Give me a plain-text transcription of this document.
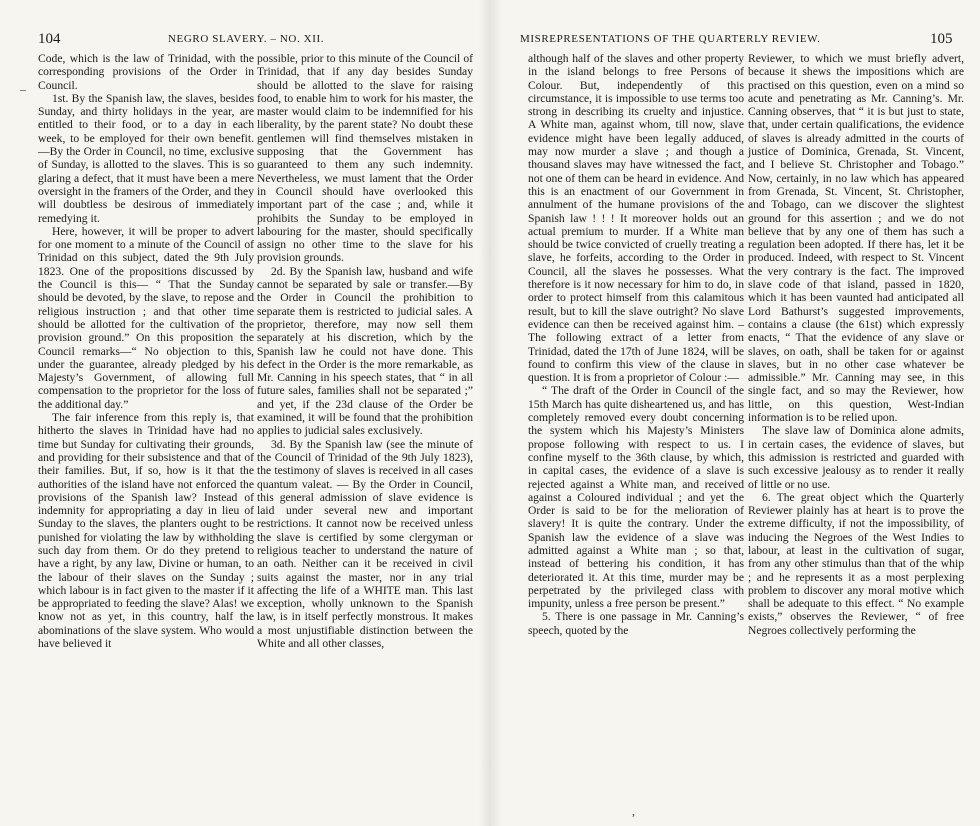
104	NEGRO SLAVERY. – NO. XII.
–

Code, which is the law of Trinidad, with the corresponding provisions of the Order in Council.

1st. By the Spanish law, the slaves, besides Sunday, and thirty holidays in the year, are entitled to their food, or to a day in each week, to be employed for their own benefit. —By the Order in Council, no time, exclusive of Sunday, is allotted to the slaves. This is so glaring a defect, that it must have been a mere oversight in the framers of the Order, and they will doubtless be desirous of immediately remedying it.

Here, however, it will be proper to advert for one moment to a minute of the Council of Trinidad on this subject, dated the 9th July 1823. One of the propositions discussed by the Council is this— “ That the Sunday should be devoted, by the slave, to repose and religious instruction ; and that other time should be allotted for the cultivation of the provision ground.” On this proposition the Council remarks—“ No objection to this, under the guarantee, already pledged by his Majesty’s Government, of allowing full compensation to the proprietor for the loss of the additional day.”

The fair inference from this reply is, that hitherto the slaves in Trinidad have had no time but Sunday for cultivating their grounds, and providing for their subsistence and that of their families. But, if so, how is it that the authorities of the island have not enforced the provisions of the Spanish law? Instead of indemnity for appropriating a day in lieu of Sunday to the slaves, the planters ought to be punished for violating the law by withholding such day from them. Or do they pretend to have a right, by any law, Divine or human, to the labour of their slaves on the Sunday ; which labour is in fact given to the master if it be appropriated to feeding the slave? Alas! we know not as yet, in this country, half the abominations of the slave system. Who would have believed it

possible, prior to this minute of the Council of Trinidad, that if any day besides Sunday should be allotted to the slave for raising food, to enable him to work for his master, the master would claim to be indemnified for his liberality, by the parent state? No doubt these gentlemen will find themselves mistaken in supposing that the Government has guaranteed to them any such indemnity. Nevertheless, we must lament that the Order in Council should have overlooked this important part of the case ; and, while it prohibits the Sunday to be employed in labouring for the master, should specifically assign no other time to the slave for his provision grounds.

2d. By the Spanish law, husband and wife cannot be separated by sale or transfer.—By the Order in Council the prohibition to separate them is restricted to judicial sales. A proprietor, therefore, may now sell them separately at his discretion, which by the Spanish law he could not have done. This defect in the Order is the more remarkable, as Mr. Canning in his speech states, that “ in all future sales, families shall not be separated ;” and yet, if the 23d clause of the Order be examined, it will be found that the prohibition applies to judicial sales exclusively.

3d. By the Spanish law (see the minute of the Council of Trinidad of the 9th July 1823), the testimony of slaves is received in all cases quantum valeat. — By the Order in Council, this general admission of slave evidence is laid under several new and important restrictions. It cannot now be received unless the slave is certified by some clergyman or religious teacher to understand the nature of an oath. Neither can it be received in civil suits against the master, nor in any trial affecting the life of a WHITE man. This last exception, wholly unknown to the Spanish law, is in itself perfectly monstrous. It makes a most unjustifiable distinction between the White and all other classes,

MISREPRESENTATIONS OF THE QUARTERLY REVIEW.	105

although half of the slaves and other property in the island belongs to free Persons of Colour. But, independently of this circumstance, it is impossible to use terms too strong in describing its cruelty and injustice. A White man, against whom, till now, slave evidence might have been legally adduced, may now murder a slave ; and though a thousand slaves may have witnessed the fact, not one of them can be heard in evidence. And this is an enactment of our Government in annulment of the humane provisions of the Spanish law ! ! ! It moreover holds out an actual premium to murder. If a White man should be twice convicted of cruelly treating a slave, he forfeits, according to the Order in Council, all the slaves he possesses. What therefore is it now necessary for him to do, in order to protect himself from this calamitous result, but to kill the slave outright? No slave evidence can then be received against him. – The following extract of a letter from Trinidad, dated the 17th of June 1824, will be found to confirm this view of the clause in question. It is from a proprietor of Colour :—

“ The draft of the Order in Council of the 15th March has quite disheartened us, and has completely removed every doubt concerning the system which his Majesty’s Ministers propose following with respect to us. I confine myself to the 36th clause, by which, in capital cases, the evidence of a slave is rejected against a White man, and received against a Coloured individual ; and yet the Order is said to be for the melioration of slavery! It is quite the contrary. Under the Spanish law the evidence of a slave was admitted against a White man ; so that, instead of bettering his condition, it has deteriorated it. At this time, murder may be perpetrated by the privileged class with impunity, unless a free person be present.”

5. There is one passage in Mr. Canning’s speech, quoted by the

Reviewer, to which we must briefly advert, because it shews the impositions which are practised on this question, even on a mind so acute and penetrating as Mr. Canning’s. Mr. Canning observes, that “ it is but just to state, that, under certain qualifications, the evidence of slaves is already admitted in the courts of justice of Dominica, Grenada, St. Vincent, and I believe St. Christopher and Tobago.” Now, certainly, in no law which has appeared from Grenada, St. Vincent, St. Christopher, and Tobago, can we discover the slightest ground for this assertion ; and we do not believe that by any one of them has such a regulation been adopted. If there has, let it be produced. Indeed, with respect to St. Vincent the very contrary is the fact. The improved slave code of that island, passed in 1820, which it has been vaunted had anticipated all Lord Bathurst’s suggested improvements, contains a clause (the 61st) which expressly enacts, “ That the evidence of any slave or slaves, on oath, shall be taken for or against slaves, but in no other case whatever be admissible.” Mr. Canning may see, in this single fact, and so may the Reviewer, how little, on this question, West-Indian information is to be relied upon.

The slave law of Dominica alone admits, in certain cases, the evidence of slaves, but this admission is restricted and guarded with such excessive jealousy as to render it really of little or no use.

6. The great object which the Quarterly Reviewer plainly has at heart is to prove the extreme difficulty, if not the impossibility, of inducing the Negroes of the West Indies to labour, at least in the cultivation of sugar, from any other stimulus than that of the whip ; and he represents it as a most perplexing problem to discover any moral motive which shall be adequate to this effect. “ No example exists,” observes the Reviewer, “ of free Negroes collectively performing the

,
